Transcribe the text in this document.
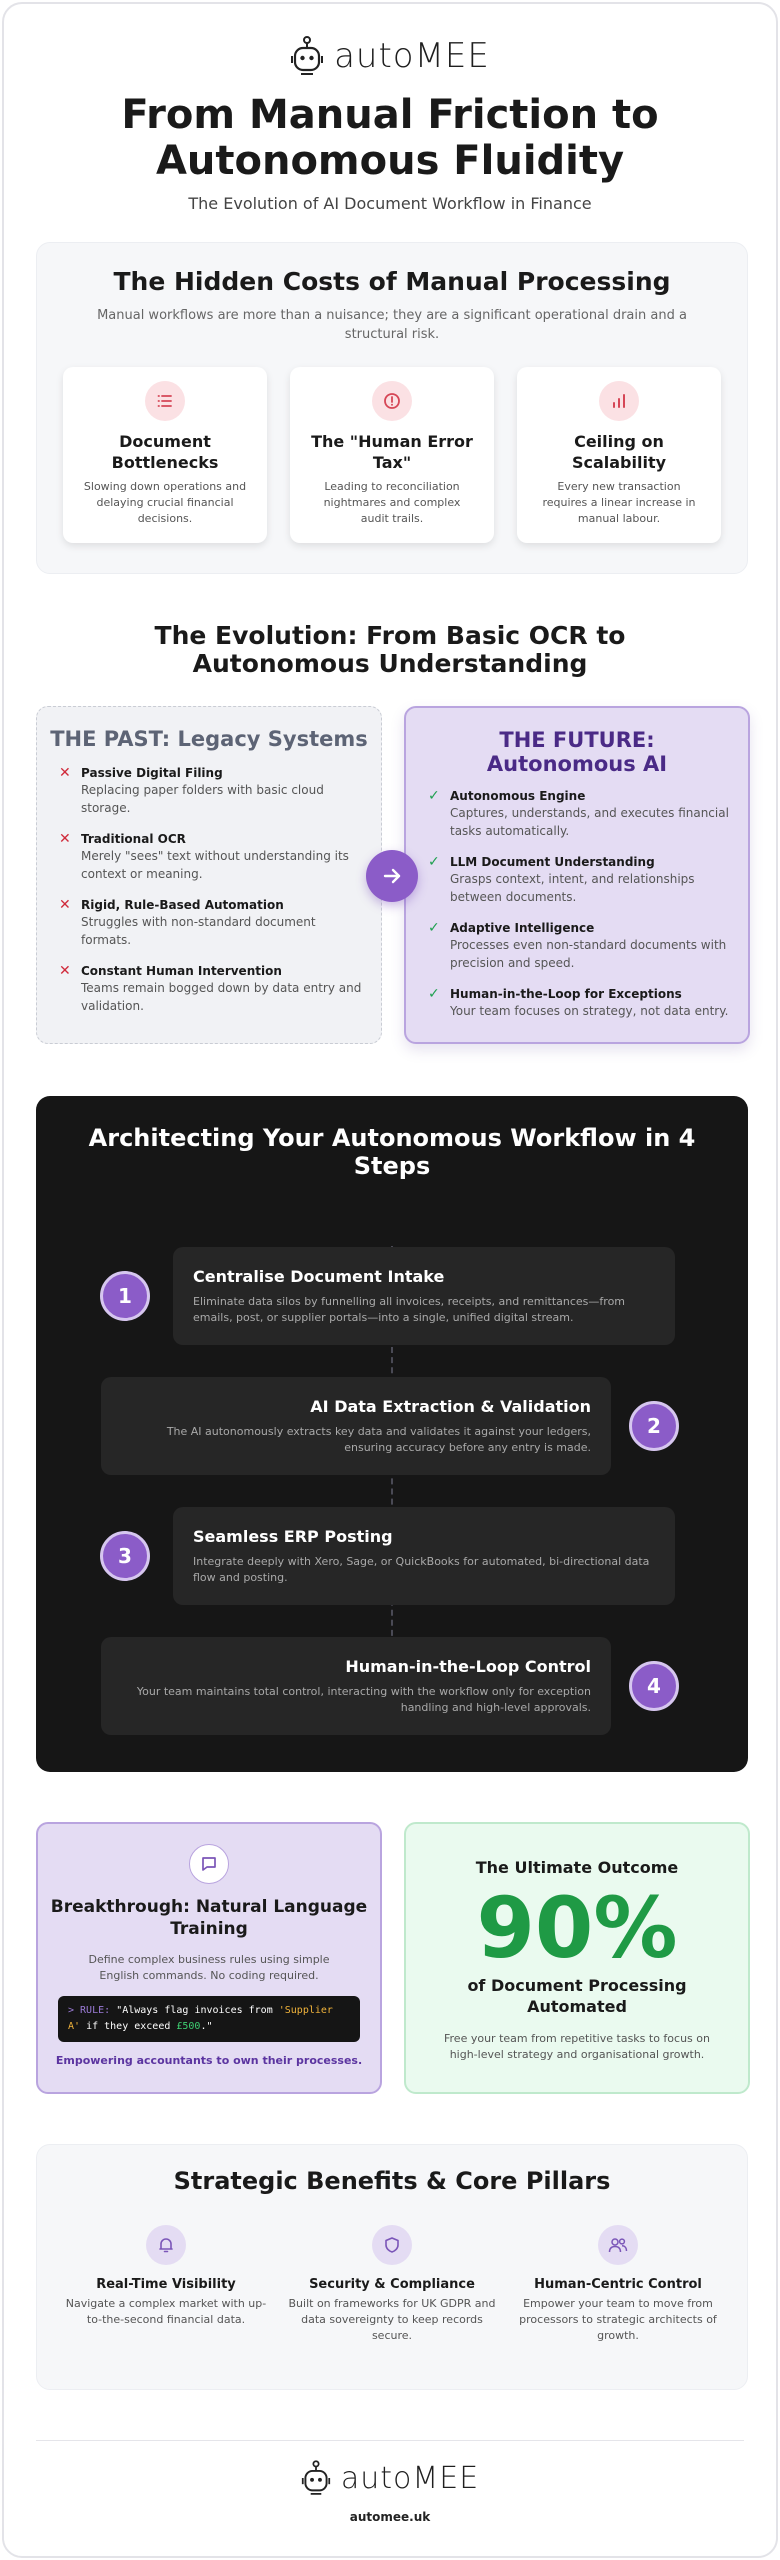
autoMEE
From Manual Friction to Autonomous Fluidity
The Evolution of AI Document Workflow in Finance
The Hidden Costs of Manual Processing
Manual workflows are more than a nuisance; they are a significant operational drain and a structural risk.
Document Bottlenecks
Slowing down operations and delaying crucial financial decisions.
The "Human Error Tax"
Leading to reconciliation nightmares and complex audit trails.
Ceiling on Scalability
Every new transaction requires a linear increase in manual labour.
The Evolution: From Basic OCR to Autonomous Understanding
THE PAST: Legacy Systems
✕ Passive Digital Filing
Replacing paper folders with basic cloud storage.
✕ Traditional OCR
Merely "sees" text without understanding its context or meaning.
✕ Rigid, Rule-Based Automation
Struggles with non-standard document formats.
✕ Constant Human Intervention
Teams remain bogged down by data entry and validation.
THE FUTURE: Autonomous AI
✓ Autonomous Engine
Captures, understands, and executes financial tasks automatically.
✓ LLM Document Understanding
Grasps context, intent, and relationships between documents.
✓ Adaptive Intelligence
Processes even non-standard documents with precision and speed.
✓ Human-in-the-Loop for Exceptions
Your team focuses on strategy, not data entry.
Architecting Your Autonomous Workflow in 4 Steps
1
Centralise Document Intake
Eliminate data silos by funnelling all invoices, receipts, and remittances—from emails, post, or supplier portals—into a single, unified digital stream.
AI Data Extraction & Validation
The AI autonomously extracts key data and validates it against your ledgers, ensuring accuracy before any entry is made.
2
3
Seamless ERP Posting
Integrate deeply with Xero, Sage, or QuickBooks for automated, bi-directional data flow and posting.
Human-in-the-Loop Control
Your team maintains total control, interacting with the workflow only for exception handling and high-level approvals.
4
Breakthrough: Natural Language Training
Define complex business rules using simple English commands. No coding required.
> RULE: "Always flag invoices from 'Supplier A' if they exceed £500."
Empowering accountants to own their processes.
The Ultimate Outcome
90%
of Document Processing Automated
Free your team from repetitive tasks to focus on high-level strategy and organisational growth.
Strategic Benefits & Core Pillars
Real-Time Visibility
Navigate a complex market with up-to-the-second financial data.
Security & Compliance
Built on frameworks for UK GDPR and data sovereignty to keep records secure.
Human-Centric Control
Empower your team to move from processors to strategic architects of growth.
autoMEE
automee.uk
